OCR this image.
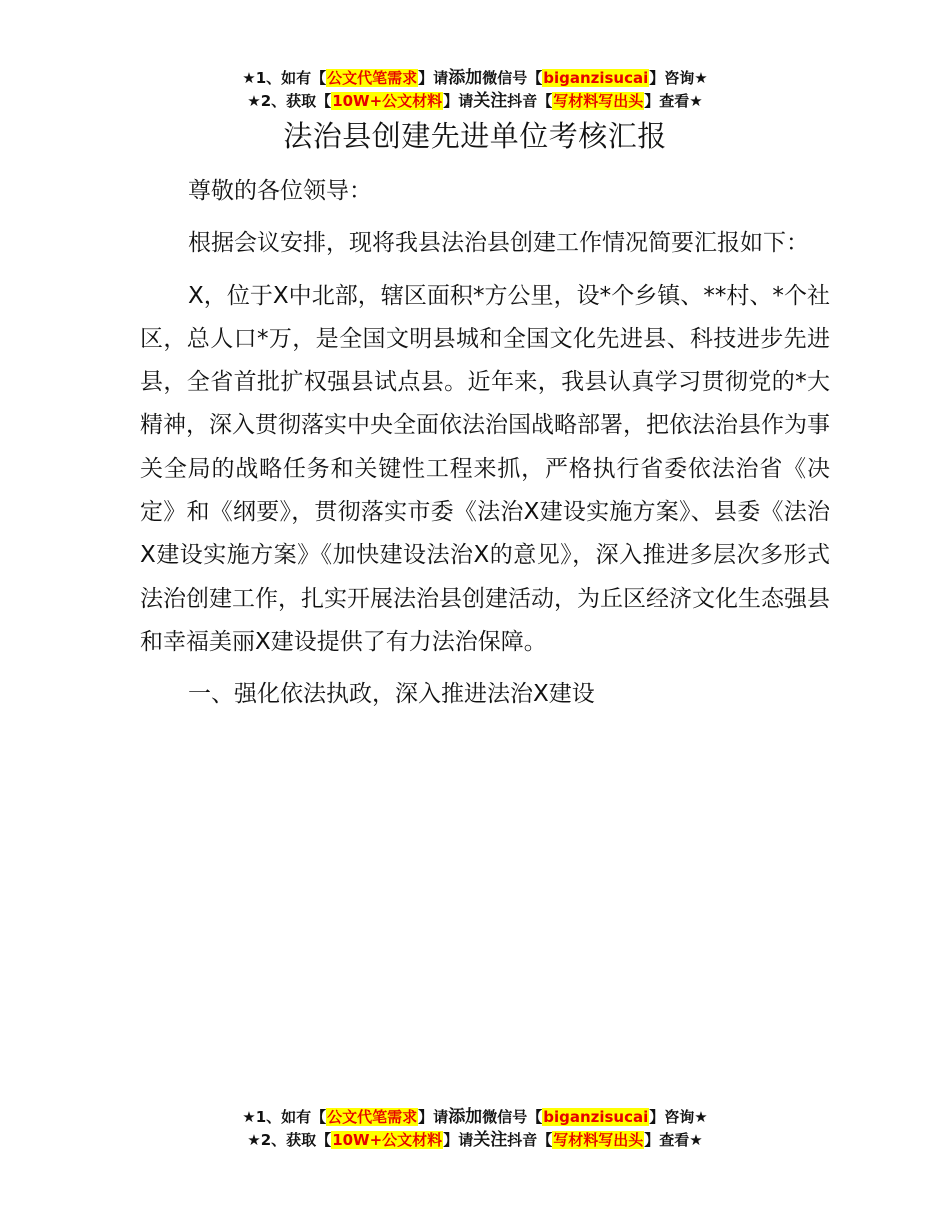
★1、如有【公文代笔需求】请添加微信号【biganzisucai】咨询★
★2、获取【10W+公文材料】请关注抖音【写材料写出头】查看★
法治县创建先进单位考核汇报

尊敬的各位领导：

根据会议安排，现将我县法治县创建工作情况简要汇报如下：

X，位于X中北部，辖区面积*方公里，设*个乡镇、**村、*个社区，总人口*万，是全国文明县城和全国文化先进县、科技进步先进县，全省首批扩权强县试点县。近年来，我县认真学习贯彻党的*大精神，深入贯彻落实中央全面依法治国战略部署，把依法治县作为事关全局的战略任务和关键性工程来抓，严格执行省委依法治省《决定》和《纲要》，贯彻落实市委《法治X建设实施方案》、县委《法治X建设实施方案》《加快建设法治X的意见》，深入推进多层次多形式法治创建工作，扎实开展法治县创建活动，为丘区经济文化生态强县和幸福美丽X建设提供了有力法治保障。

一、强化依法执政，深入推进法治X建设

★1、如有【公文代笔需求】请添加微信号【biganzisucai】咨询★
★2、获取【10W+公文材料】请关注抖音【写材料写出头】查看★
